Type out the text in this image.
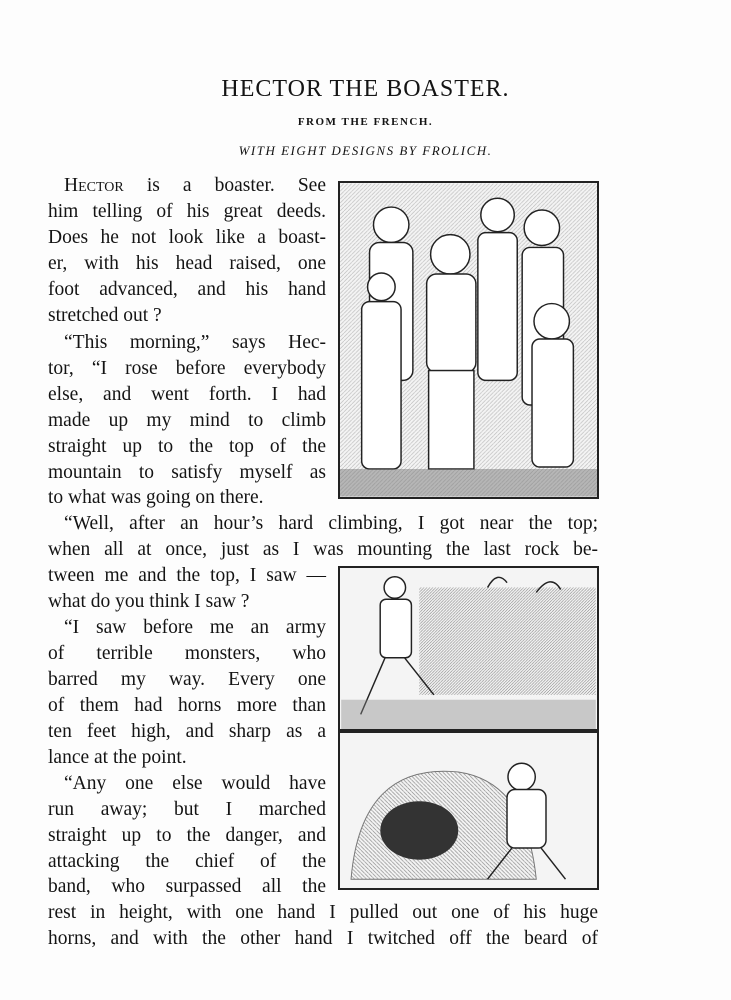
HECTOR THE BOASTER.
FROM THE FRENCH.
WITH EIGHT DESIGNS BY FROLICH.
Hector is a boaster. See
him telling of his great deeds.
Does he not look like a boast-
er, with his head raised, one
foot advanced, and his hand
stretched out ?
“This morning,” says Hec-
tor, “I rose before everybody
else, and went forth. I had
made up my mind to climb
straight up to the top of the
mountain to satisfy myself as
to what was going on there.
“Well, after an hour’s hard climbing, I got near the top;
when all at once, just as I was mounting the last rock be-
tween me and the top, I saw —
what do you think I saw ?
“I saw before me an army
of terrible monsters, who
barred my way. Every one
of them had horns more than
ten feet high, and sharp as a
lance at the point.
“Any one else would have
run away; but I marched
straight up to the danger, and
attacking the chief of the
band, who surpassed all the
rest in height, with one hand I pulled out one of his huge
horns, and with the other hand I twitched off the beard of
